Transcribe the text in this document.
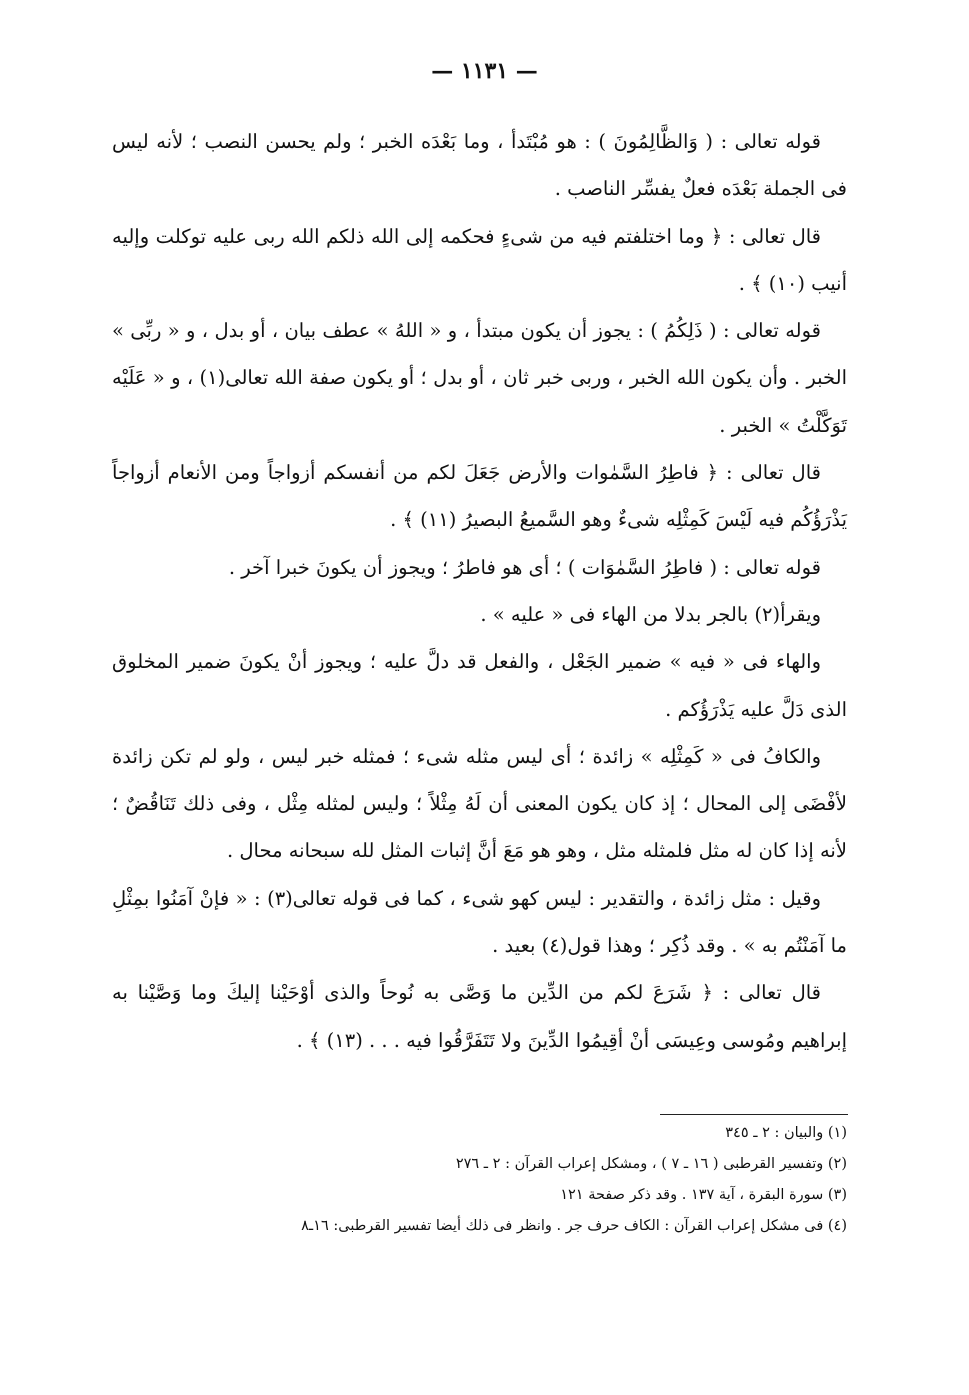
— ١١٣١ —

قوله تعالى : ( وَالظَّالِمُونَ ) : هو مُبْتَدأ ، وما بَعْدَه الخبر ؛ ولم يحسن النصب ؛ لأنه ليس فى الجملة بَعْدَه فعلٌ يفسِّر الناصب .

قال تعالى : ﴿ وما اختلفتم فيه من شىءٍ فحكمه إلى الله ذلكم الله ربى عليه توكلت وإليه أنيب (١٠) ﴾ .

قوله تعالى : ( ذَلِكُمُ ) : يجوز أن يكون مبتدأ ، و « اللهُ » عطف بيان ، أو بدل ، و « ربِّى » الخبر . وأن يكون الله الخبر ، وربى خبر ثان ، أو بدل ؛ أو يكون صفة الله تعالى(١) ، و « عَلَيْه تَوَكَّلْتُ » الخبر .

قال تعالى : ﴿ فاطِرُ السَّمٰوات والأرض جَعَلَ لكم من أنفسكم أزواجاً ومن الأنعام أزواجاً يَذْرَؤُكُم فيه لَيْسَ كَمِثْلِه شىءٌ وهو السَّميعُ البصيرُ (١١) ﴾ .

قوله تعالى : ( فاطِرُ السَّمٰوَات ) ؛ أى هو فاطرُ ؛ ويجوز أن يكونَ خبرا آخر .

ويقرأ(٢) بالجر بدلا من الهاء فى « عليه » .

والهاء فى « فيه » ضمير الجَعْل ، والفعل قد دلَّ عليه ؛ ويجوز أنْ يكونَ ضمير المخلوق الذى دَلَّ عليه يَذْرَؤُكم .

والكافُ فى « كَمِثْلِه » زائدة ؛ أى ليس مثله شىء ؛ فمثله خبر ليس ، ولو لم تكن زائدة لأفْضَى إلى المحال ؛ إذ كان يكون المعنى أن لَهُ مِثْلاً ؛ وليس لمثله مِثْل ، وفى ذلك تَنَاقُضٌ ؛ لأنه إذا كان له مثل فلمثله مثل ، وهو هو مَعَ أنَّ إثبات المثل لله سبحانه محال .

وقيل : مثل زائدة ، والتقدير : ليس كهو شىء ، كما فى قوله تعالى(٣) : « فإنْ آمَنُوا بمِثْلِ ما آمَنْتُم به » . وقد ذُكِر ؛ وهذا قول(٤) بعيد .

قال تعالى : ﴿ شَرَعَ لكم من الدِّين ما وَصَّى به نُوحاً والذى أوْحَيْنا إليكَ وما وَصَّيْنا به إبراهيم ومُوسى وعِيسَى أنْ أقِيمُوا الدِّينَ ولا تَتَفَرَّقُوا فيه . . . (١٣) ﴾ .

(١) والبيان : ٢ ـ ٣٤٥

(٢) وتفسير القرطبى ( ١٦ ـ ٧ ) ، ومشكل إعراب القرآن : ٢ ـ ٢٧٦

(٣) سورة البقرة ، آية ١٣٧ . وقد ذكر صفحة ١٢١

(٤) فى مشكل إعراب القرآن : الكاف حرف جر . وانظر فى ذلك أيضا تفسير القرطبى: ١٦ـ٨
